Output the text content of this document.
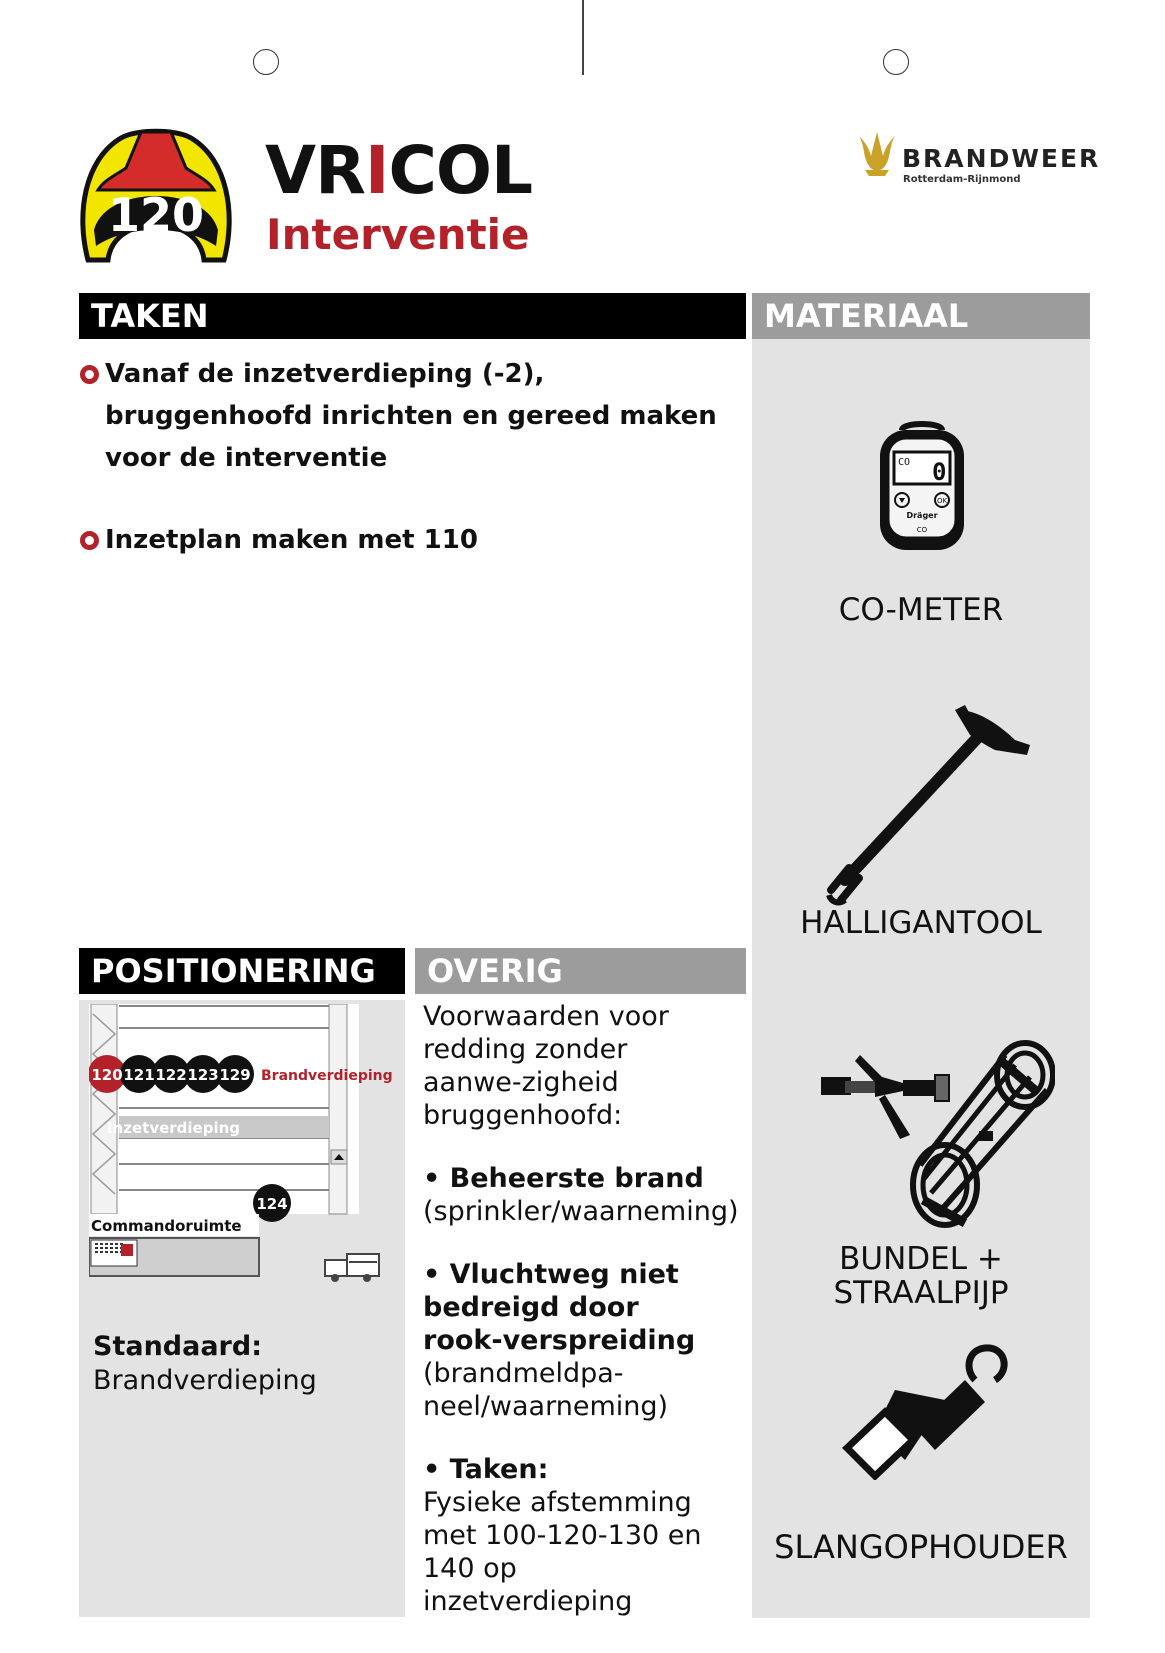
120
VRICOL
Interventie
BRANDWEER
Rotterdam-Rijnmond
TAKEN
Vanaf de inzetverdieping (-2), bruggenhoofd inrichten en gereed maken voor de interventie
Inzetplan maken met 110
MATERIAAL
CO 0
OK
Dräger
CO
CO-METER
HALLIGANTOOL
BUNDEL +
STRAALPIJP
SLANGOPHOUDER
POSITIONERING
Inzetverdieping
120 121 122 123 129 Brandverdieping
124
Commandoruimte
Standaard:
Brandverdieping
OVERIG
Voorwaarden voor redding zonder aanwe-zigheid bruggenhoofd:
• Beheerste brand
(sprinkler/waarneming)
• Vluchtweg niet bedreigd door rook-verspreiding
(brandmeldpa-neel/waarneming)
• Taken:
Fysieke afstemming met 100-120-130 en 140 op inzetverdieping
